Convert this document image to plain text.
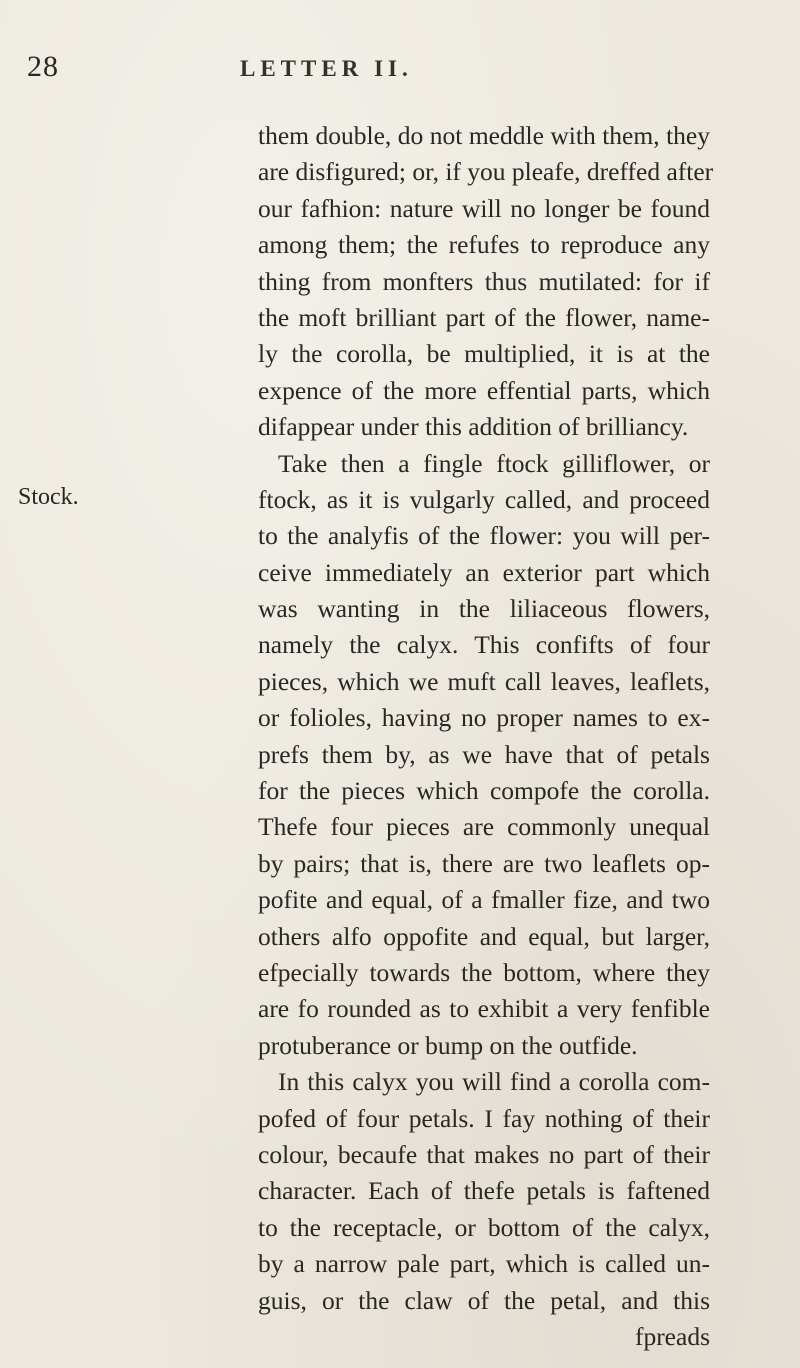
28	LETTER II.
Stock.
them double, do not meddle with them, they
are disfigured; or, if you pleafe, dreffed after
our fafhion: nature will no longer be found
among them; the refufes to reproduce any
thing from monfters thus mutilated: for if
the moft brilliant part of the flower, name-
ly the corolla, be multiplied, it is at the
expence of the more effential parts, which
difappear under this addition of brilliancy.
Take then a fingle ftock gilliflower, or
ftock, as it is vulgarly called, and proceed
to the analyfis of the flower: you will per-
ceive immediately an exterior part which
was wanting in the liliaceous flowers,
namely the calyx. This confifts of four
pieces, which we muft call leaves, leaflets,
or folioles, having no proper names to ex-
prefs them by, as we have that of petals
for the pieces which compofe the corolla.
Thefe four pieces are commonly unequal
by pairs; that is, there are two leaflets op-
pofite and equal, of a fmaller fize, and two
others alfo oppofite and equal, but larger,
efpecially towards the bottom, where they
are fo rounded as to exhibit a very fenfible
protuberance or bump on the outfide.
In this calyx you will find a corolla com-
pofed of four petals. I fay nothing of their
colour, becaufe that makes no part of their
character. Each of thefe petals is faftened
to the receptacle, or bottom of the calyx,
by a narrow pale part, which is called un-
guis, or the claw of the petal, and this
fpreads
